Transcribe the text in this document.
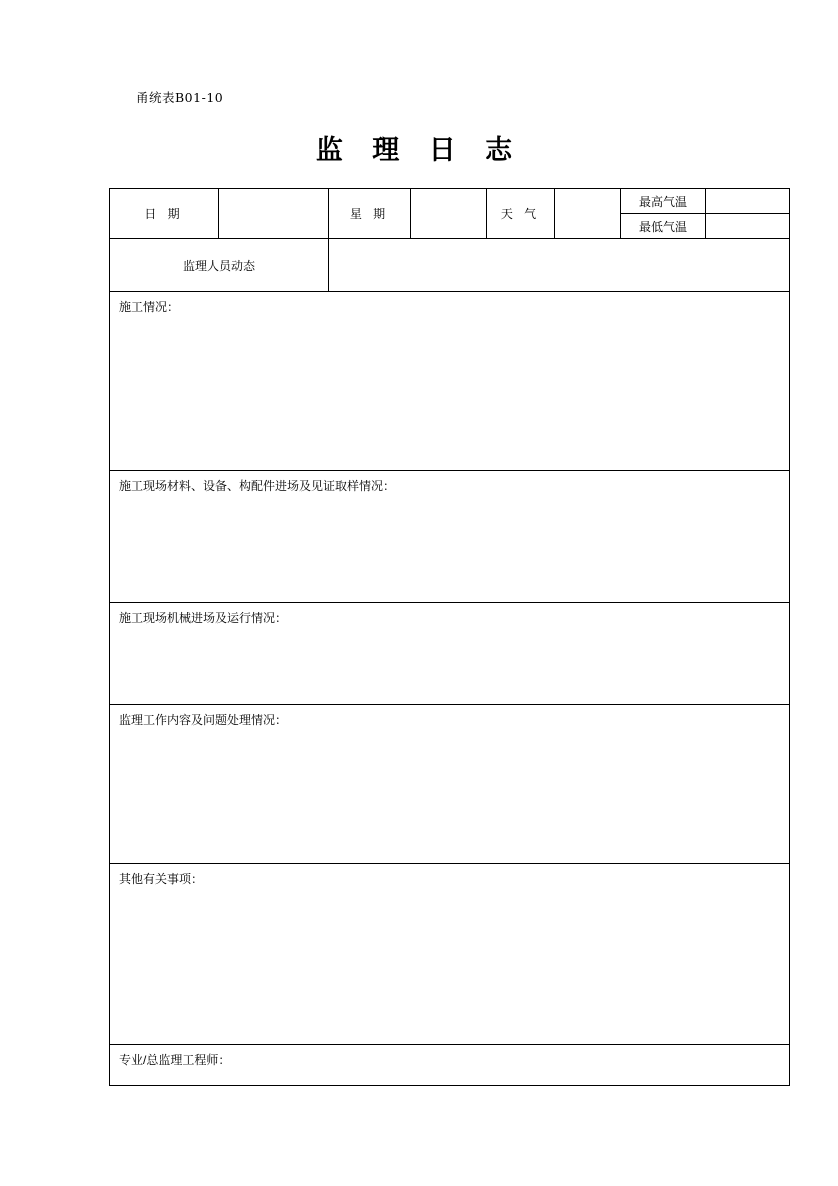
甬统表B01-10
监 理 日 志
日 期		星 期		天 气		最高气温	
						最低气温	
监理人员动态							

施工情况：							

施工现场材料、设备、构配件进场及见证取样情况：							

施工现场机械进场及运行情况：							

监理工作内容及问题处理情况：							

其他有关事项：							

专业/总监理工程师：							
